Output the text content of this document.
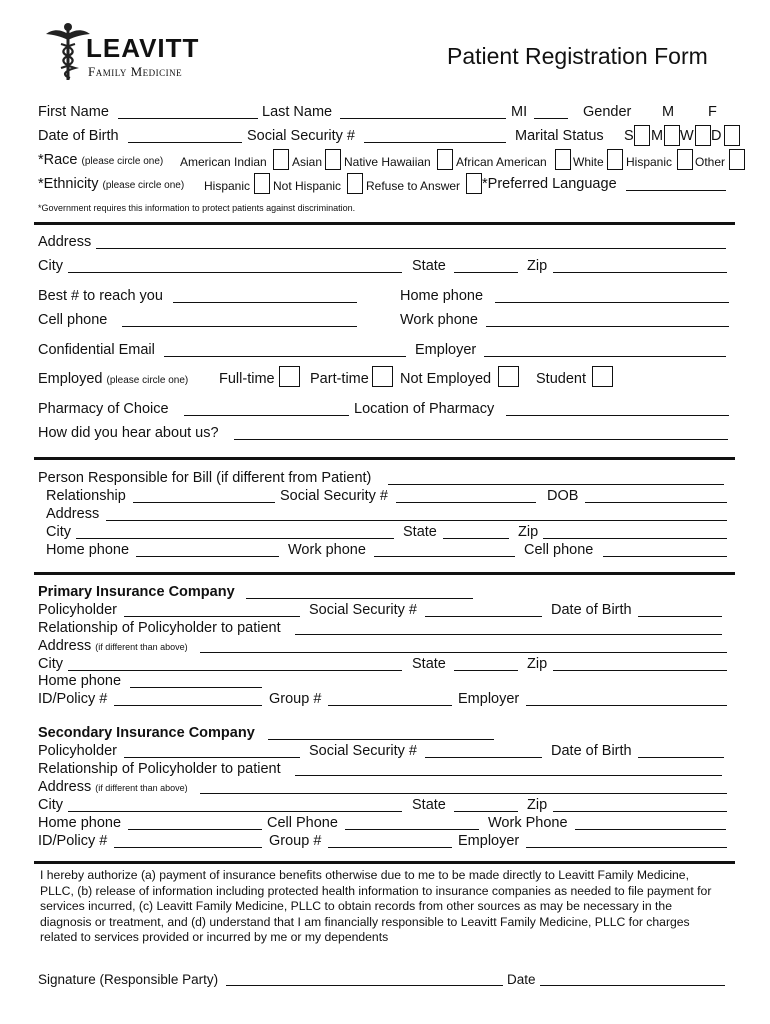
LEAVITT
Family Medicine
Patient Registration Form
First Name	Last Name	MI	Gender M F
Date of Birth	Social Security #	Marital Status S M W D
*Race (please circle one) American Indian Asian Native Hawaiian African American White Hispanic Other
*Ethnicity (please circle one) Hispanic Not Hispanic Refuse to Answer *Preferred Language
*Government requires this information to protect patients against discrimination.
Address
City	State	Zip
Best # to reach you	Home phone
Cell phone	Work phone
Confidential Email	Employer
Employed (please circle one) Full-time Part-time Not Employed	Student
Pharmacy of Choice	Location of Pharmacy
How did you hear about us?
Person Responsible for Bill (if different from Patient)
Relationship	Social Security #	DOB
Address
City	State	Zip
Home phone	Work phone	Cell phone
Primary Insurance Company
Policyholder	Social Security #	Date of Birth
Relationship of Policyholder to patient
Address (if different than above)
City	State	Zip
Home phone
ID/Policy #	Group #	Employer
Secondary Insurance Company
Policyholder	Social Security #	Date of Birth
Relationship of Policyholder to patient
Address (if different than above)
City	State	Zip
Home phone	Cell Phone	Work Phone
ID/Policy #	Group #	Employer
I hereby authorize (a) payment of insurance benefits otherwise due to me to be made directly to Leavitt Family Medicine, PLLC, (b) release of information including protected health information to insurance companies as needed to file payment for services incurred, (c) Leavitt Family Medicine, PLLC to obtain records from other sources as may be necessary in the diagnosis or treatment, and (d) understand that I am financially responsible to Leavitt Family Medicine, PLLC for charges related to services provided or incurred by me or my dependents
Signature (Responsible Party)	Date
